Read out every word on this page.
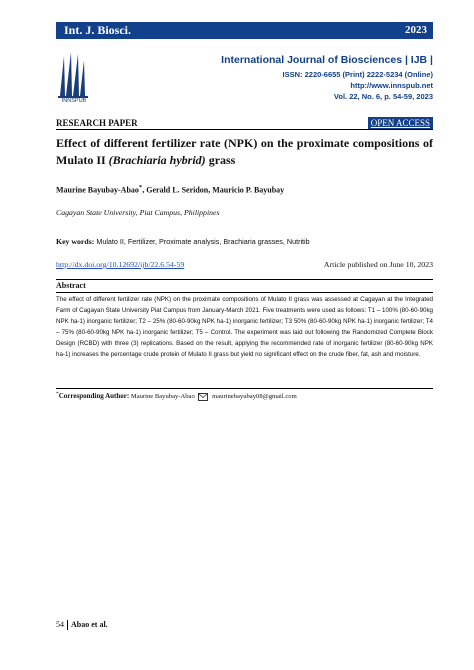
Int. J. Biosci.	2023
INNSPUB
International Journal of Biosciences | IJB |
ISSN: 2220-6655 (Print) 2222-5234 (Online)
http://www.innspub.net
Vol. 22, No. 6, p. 54-59, 2023
RESEARCH PAPER	OPEN ACCESS
Effect of different fertilizer rate (NPK) on the proximate compositions of Mulato II (Brachiaria hybrid) grass
Maurine Bayubay-Abao*, Gerald L. Seridon, Mauricio P. Bayubay
Cagayan State University, Piat Campus, Philippines
Key words: Mulato II, Fertilizer, Proximate analysis, Brachiaria grasses, Nutritib
http://dx.doi.org/10.12692/ijb/22.6.54-59	Article published on June 10, 2023
Abstract
The effect of different fertilizer rate (NPK) on the proximate compositions of Mulato II grass was assessed at Cagayan at the Integrated Farm of Cagayan State University Piat Campus from January-March 2021. Five treatments were used as follows: T1 – 100% (80-60-90kg NPK ha-1) inorganic fertilizer; T2 – 25% (80-60-90kg NPK ha-1) inorganic fertilizer; T3 50% (80-60-90kg NPK ha-1) inorganic fertilizer; T4 – 75% (80-60-90kg NPK ha-1) inorganic fertilizer; T5 – Control. The experiment was laid out following the Randomized Complete Block Design (RCBD) with three (3) replications. Based on the result, applying the recommended rate of inorganic fertilizer (80-60-90kg NPK ha-1) increases the percentage crude protein of Mulato II grass but yield no significant effect on the crude fiber, fat, ash and moisture.
*Corresponding Author: Maurine Bayubay-Abao	maurinebayubay08@gmail.com
54 Abao et al.
